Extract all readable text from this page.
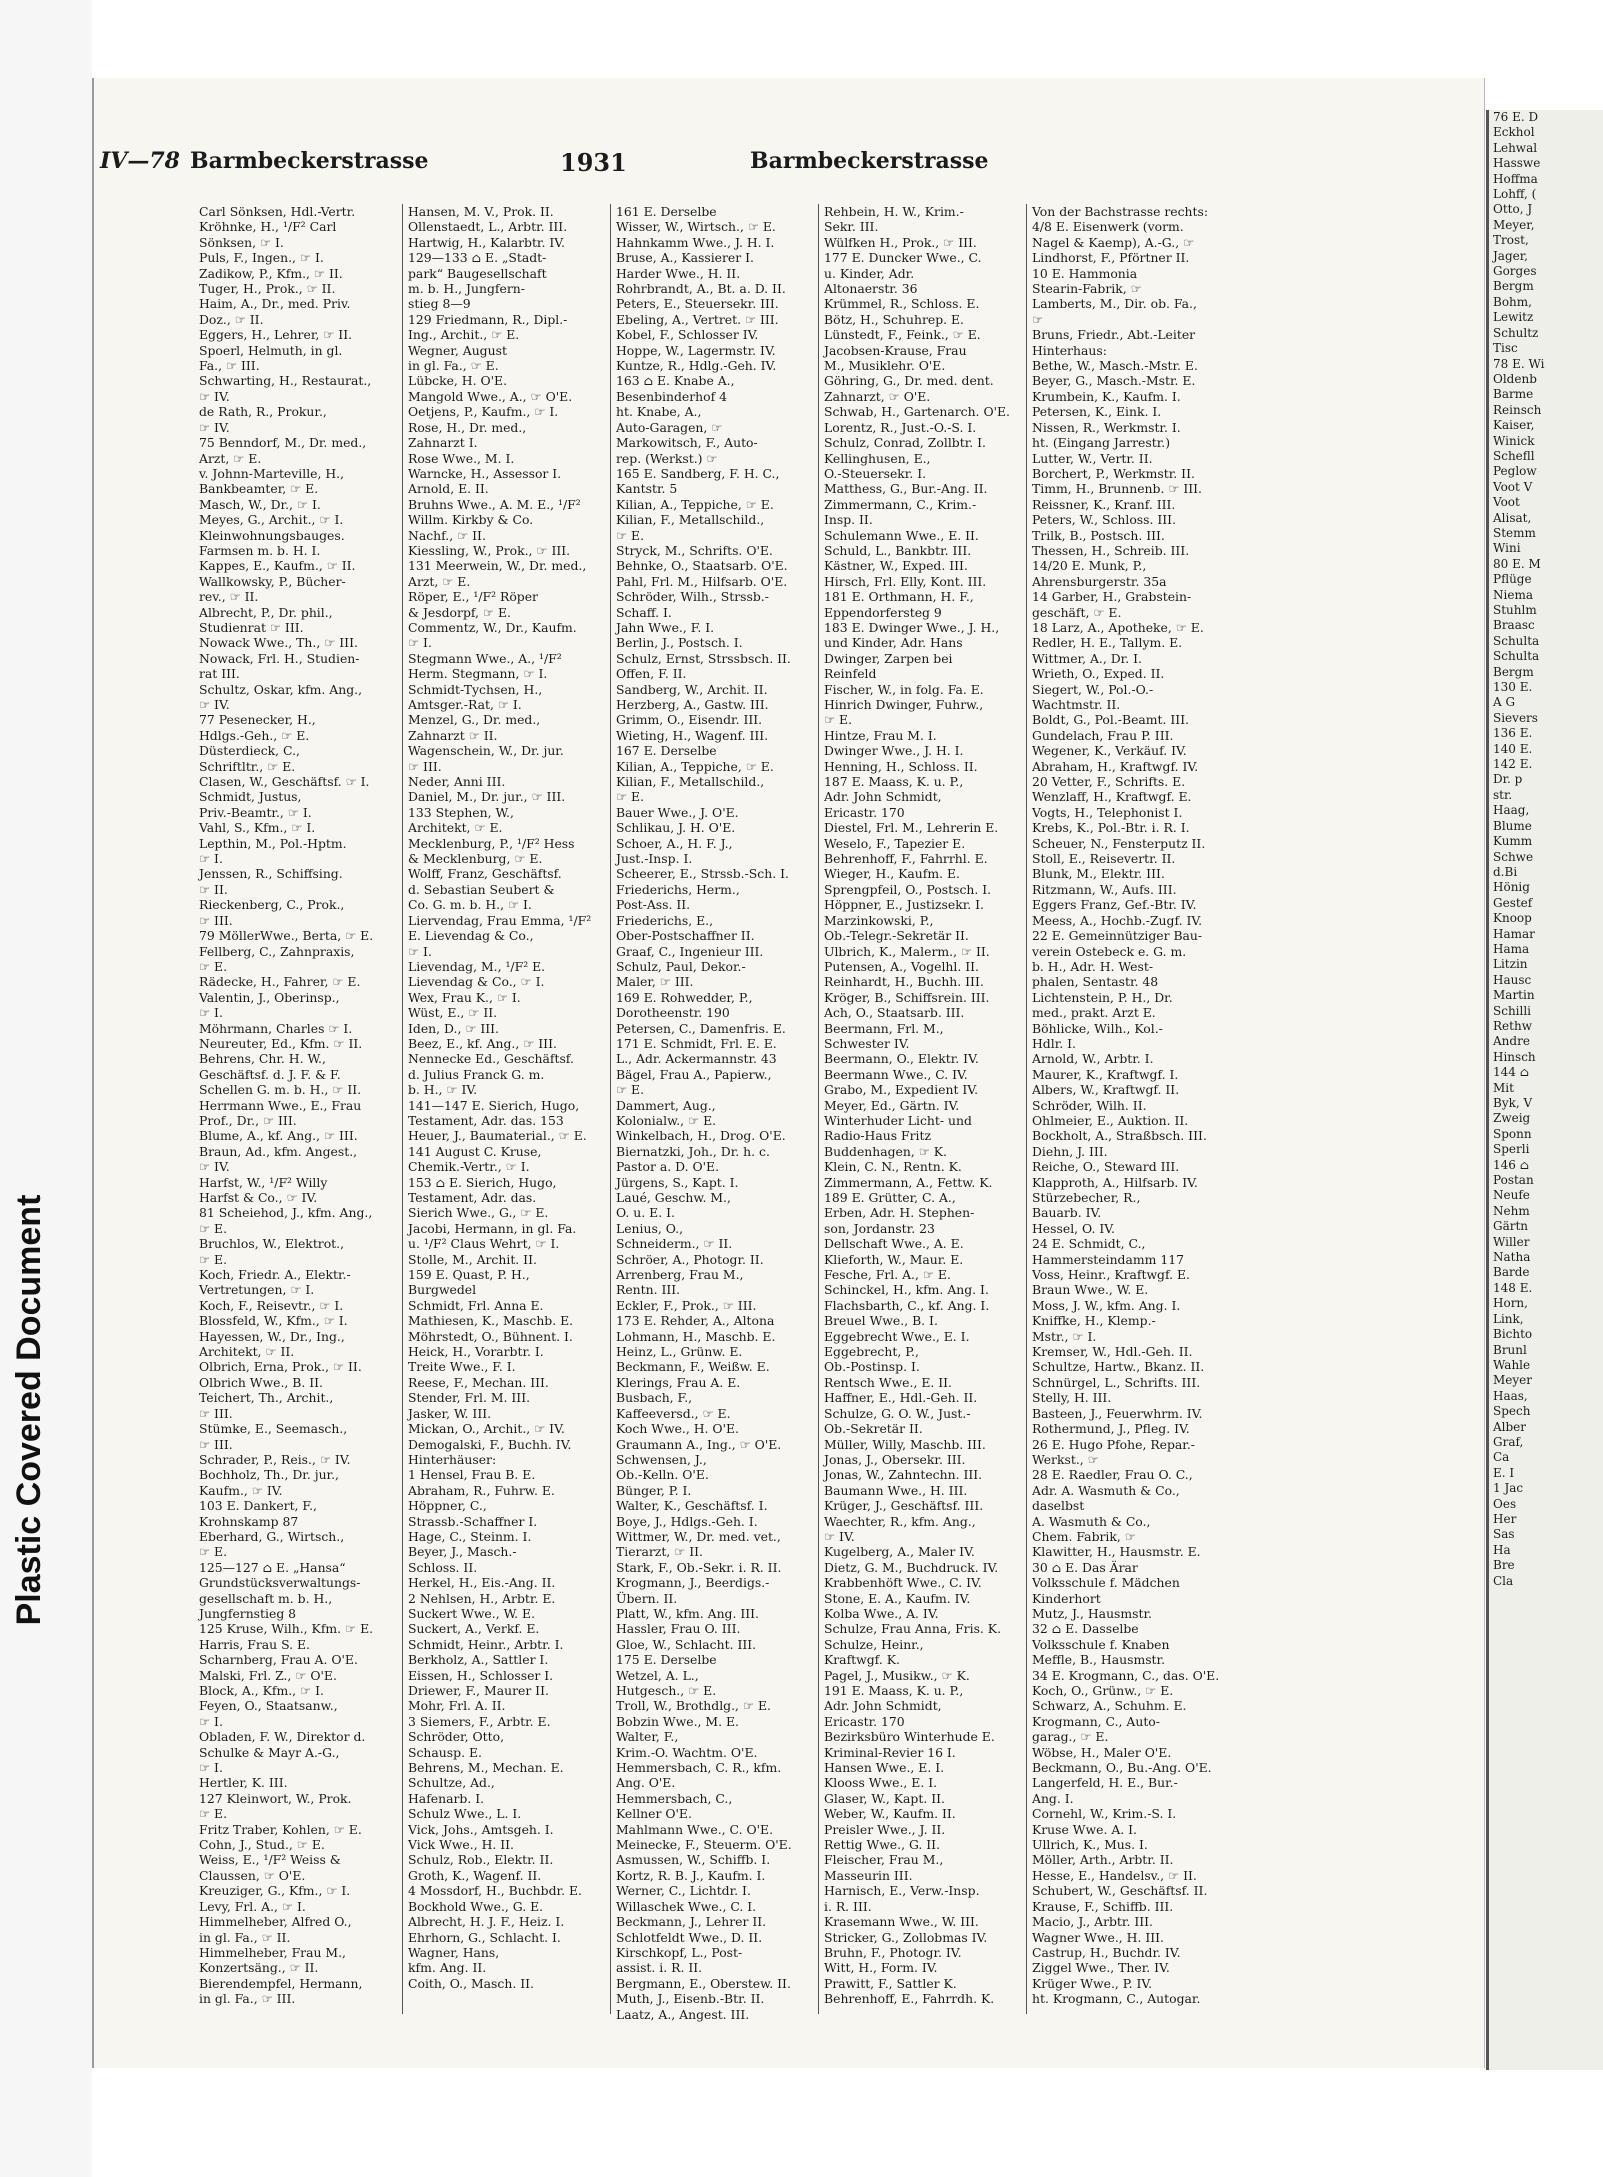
Plastic Covered Document
IV—78 Barmbeckerstrasse	1931	Barmbeckerstrasse
Carl Sönksen, Hdl.-Vertr.
Kröhnke, H., ¹/F² Carl
Sönksen, ☞ I.
Puls, F., Ingen., ☞ I.
Zadikow, P., Kfm., ☞ II.
Tuger, H., Prok., ☞ II.
Haim, A., Dr., med. Priv.
Doz., ☞ II.
Eggers, H., Lehrer, ☞ II.
Spoerl, Helmuth, in gl.
Fa., ☞ III.
Schwarting, H., Restaurat.,
☞ IV.
de Rath, R., Prokur.,
☞ IV.
75 Benndorf, M., Dr. med.,
Arzt, ☞ E.
v. Johnn-Marteville, H.,
Bankbeamter, ☞ E.
Masch, W., Dr., ☞ I.
Meyes, G., Archit., ☞ I.
Kleinwohnungsbauges.
Farmsen m. b. H. I.
Kappes, E., Kaufm., ☞ II.
Wallkowsky, P., Bücher-
rev., ☞ II.
Albrecht, P., Dr. phil.,
Studienrat ☞ III.
Nowack Wwe., Th., ☞ III.
Nowack, Frl. H., Studien-
rat III.
Schultz, Oskar, kfm. Ang.,
☞ IV.
77 Pesenecker, H.,
Hdlgs.-Geh., ☞ E.
Düsterdieck, C.,
Schriftltr., ☞ E.
Clasen, W., Geschäftsf. ☞ I.
Schmidt, Justus,
Priv.-Beamtr., ☞ I.
Vahl, S., Kfm., ☞ I.
Lepthin, M., Pol.-Hptm.
☞ I.
Jenssen, R., Schiffsing.
☞ II.
Rieckenberg, C., Prok.,
☞ III.
79 MöllerWwe., Berta, ☞ E.
Fellberg, C., Zahnpraxis,
☞ E.
Rädecke, H., Fahrer, ☞ E.
Valentin, J., Oberinsp.,
☞ I.
Möhrmann, Charles ☞ I.
Neureuter, Ed., Kfm. ☞ II.
Behrens, Chr. H. W.,
Geschäftsf. d. J. F. & F.
Schellen G. m. b. H., ☞ II.
Herrmann Wwe., E., Frau
Prof., Dr., ☞ III.
Blume, A., kf. Ang., ☞ III.
Braun, Ad., kfm. Angest.,
☞ IV.
Harfst, W., ¹/F² Willy
Harfst & Co., ☞ IV.
81 Scheiehod, J., kfm. Ang.,
☞ E.
Bruchlos, W., Elektrot.,
☞ E.
Koch, Friedr. A., Elektr.-
Vertretungen, ☞ I.
Koch, F., Reisevtr., ☞ I.
Blossfeld, W., Kfm., ☞ I.
Hayessen, W., Dr., Ing.,
Architekt, ☞ II.
Olbrich, Erna, Prok., ☞ II.
Olbrich Wwe., B. II.
Teichert, Th., Archit.,
☞ III.
Stümke, E., Seemasch.,
☞ III.
Schrader, P., Reis., ☞ IV.
Bochholz, Th., Dr. jur.,
Kaufm., ☞ IV.
103 E. Dankert, F.,
Krohnskamp 87
Eberhard, G., Wirtsch.,
☞ E.
125—127 ⌂ E. „Hansa“
Grundstücksverwaltungs-
gesellschaft m. b. H.,
Jungfernstieg 8
125 Kruse, Wilh., Kfm. ☞ E.
Harris, Frau S. E.
Scharnberg, Frau A. O'E.
Malski, Frl. Z., ☞ O'E.
Block, A., Kfm., ☞ I.
Feyen, O., Staatsanw.,
☞ I.
Obladen, F. W., Direktor d.
Schulke & Mayr A.-G.,
☞ I.
Hertler, K. III.
127 Kleinwort, W., Prok.
☞ E.
Fritz Traber, Kohlen, ☞ E.
Cohn, J., Stud., ☞ E.
Weiss, E., ¹/F² Weiss &
Claussen, ☞ O'E.
Kreuziger, G., Kfm., ☞ I.
Levy, Frl. A., ☞ I.
Himmelheber, Alfred O.,
in gl. Fa., ☞ II.
Himmelheber, Frau M.,
Konzertsäng., ☞ II.
Bierendempfel, Hermann,
in gl. Fa., ☞ III.
Hansen, M. V., Prok. II.
Ollenstaedt, L., Arbtr. III.
Hartwig, H., Kalarbtr. IV.
129—133 ⌂ E. „Stadt-
park“ Baugesellschaft
m. b. H., Jungfern-
stieg 8—9
129 Friedmann, R., Dipl.-
Ing., Archit., ☞ E.
Wegner, August
in gl. Fa., ☞ E.
Lübcke, H. O'E.
Mangold Wwe., A., ☞ O'E.
Oetjens, P., Kaufm., ☞ I.
Rose, H., Dr. med.,
Zahnarzt I.
Rose Wwe., M. I.
Warncke, H., Assessor I.
Arnold, E. II.
Bruhns Wwe., A. M. E., ¹/F²
Willm. Kirkby & Co.
Nachf., ☞ II.
Kiessling, W., Prok., ☞ III.
131 Meerwein, W., Dr. med.,
Arzt, ☞ E.
Röper, E., ¹/F² Röper
& Jesdorpf, ☞ E.
Commentz, W., Dr., Kaufm.
☞ I.
Stegmann Wwe., A., ¹/F²
Herm. Stegmann, ☞ I.
Schmidt-Tychsen, H.,
Amtsger.-Rat, ☞ I.
Menzel, G., Dr. med.,
Zahnarzt ☞ II.
Wagenschein, W., Dr. jur.
☞ III.
Neder, Anni III.
Daniel, M., Dr. jur., ☞ III.
133 Stephen, W.,
Architekt, ☞ E.
Mecklenburg, P., ¹/F² Hess
& Mecklenburg, ☞ E.
Wolff, Franz, Geschäftsf.
d. Sebastian Seubert &
Co. G. m. b. H., ☞ I.
Liervendag, Frau Emma, ¹/F²
E. Lievendag & Co.,
☞ I.
Lievendag, M., ¹/F² E.
Lievendag & Co., ☞ I.
Wex, Frau K., ☞ I.
Wüst, E., ☞ II.
Iden, D., ☞ III.
Beez, E., kf. Ang., ☞ III.
Nennecke Ed., Geschäftsf.
d. Julius Franck G. m.
b. H., ☞ IV.
141—147 E. Sierich, Hugo,
Testament, Adr. das. 153
Heuer, J., Baumaterial., ☞ E.
141 August C. Kruse,
Chemik.-Vertr., ☞ I.
153 ⌂ E. Sierich, Hugo,
Testament, Adr. das.
Sierich Wwe., G., ☞ E.
Jacobi, Hermann, in gl. Fa.
u. ¹/F² Claus Wehrt, ☞ I.
Stolle, M., Archit. II.
159 E. Quast, P. H.,
Burgwedel
Schmidt, Frl. Anna E.
Mathiesen, K., Maschb. E.
Möhrstedt, O., Bühnent. I.
Heick, H., Vorarbtr. I.
Treite Wwe., F. I.
Reese, F., Mechan. III.
Stender, Frl. M. III.
Jasker, W. III.
Mickan, O., Archit., ☞ IV.
Demogalski, F., Buchh. IV.
Hinterhäuser:
1 Hensel, Frau B. E.
Abraham, R., Fuhrw. E.
Höppner, C.,
Strassb.-Schaffner I.
Hage, C., Steinm. I.
Beyer, J., Masch.-
Schloss. II.
Herkel, H., Eis.-Ang. II.
2 Nehlsen, H., Arbtr. E.
Suckert Wwe., W. E.
Suckert, A., Verkf. E.
Schmidt, Heinr., Arbtr. I.
Berkholz, A., Sattler I.
Eissen, H., Schlosser I.
Driewer, F., Maurer II.
Mohr, Frl. A. II.
3 Siemers, F., Arbtr. E.
Schröder, Otto,
Schausp. E.
Behrens, M., Mechan. E.
Schultze, Ad.,
Hafenarb. I.
Schulz Wwe., L. I.
Vick, Johs., Amtsgeh. I.
Vick Wwe., H. II.
Schulz, Rob., Elektr. II.
Groth, K., Wagenf. II.
4 Mossdorf, H., Buchbdr. E.
Bockhold Wwe., G. E.
Albrecht, H. J. F., Heiz. I.
Ehrhorn, G., Schlacht. I.
Wagner, Hans,
kfm. Ang. II.
Coith, O., Masch. II.
161 E. Derselbe
Wisser, W., Wirtsch., ☞ E.
Hahnkamm Wwe., J. H. I.
Bruse, A., Kassierer I.
Harder Wwe., H. II.
Rohrbrandt, A., Bt. a. D. II.
Peters, E., Steuersekr. III.
Ebeling, A., Vertret. ☞ III.
Kobel, F., Schlosser IV.
Hoppe, W., Lagermstr. IV.
Kuntze, R., Hdlg.-Geh. IV.
163 ⌂ E. Knabe A.,
Besenbinderhof 4
ht. Knabe, A.,
Auto-Garagen, ☞
Markowitsch, F., Auto-
rep. (Werkst.) ☞
165 E. Sandberg, F. H. C.,
Kantstr. 5
Kilian, A., Teppiche, ☞ E.
Kilian, F., Metallschild.,
☞ E.
Stryck, M., Schrifts. O'E.
Behnke, O., Staatsarb. O'E.
Pahl, Frl. M., Hilfsarb. O'E.
Schröder, Wilh., Strssb.-
Schaff. I.
Jahn Wwe., F. I.
Berlin, J., Postsch. I.
Schulz, Ernst, Strssbsch. II.
Offen, F. II.
Sandberg, W., Archit. II.
Herzberg, A., Gastw. III.
Grimm, O., Eisendr. III.
Wieting, H., Wagenf. III.
167 E. Derselbe
Kilian, A., Teppiche, ☞ E.
Kilian, F., Metallschild.,
☞ E.
Bauer Wwe., J. O'E.
Schlikau, J. H. O'E.
Schoer, A., H. F. J.,
Just.-Insp. I.
Scheerer, E., Strssb.-Sch. I.
Friederichs, Herm.,
Post-Ass. II.
Friederichs, E.,
Ober-Postschaffner II.
Graaf, C., Ingenieur III.
Schulz, Paul, Dekor.-
Maler, ☞ III.
169 E. Rohwedder, P.,
Dorotheenstr. 190
Petersen, C., Damenfris. E.
171 E. Schmidt, Frl. E. E.
L., Adr. Ackermannstr. 43
Bägel, Frau A., Papierw.,
☞ E.
Dammert, Aug.,
Kolonialw., ☞ E.
Winkelbach, H., Drog. O'E.
Biernatzki, Joh., Dr. h. c.
Pastor a. D. O'E.
Jürgens, S., Kapt. I.
Laué, Geschw. M.,
O. u. E. I.
Lenius, O.,
Schneiderm., ☞ II.
Schröer, A., Photogr. II.
Arrenberg, Frau M.,
Rentn. III.
Eckler, F., Prok., ☞ III.
173 E. Rehder, A., Altona
Lohmann, H., Maschb. E.
Heinz, L., Grünw. E.
Beckmann, F., Weißw. E.
Klerings, Frau A. E.
Busbach, F.,
Kaffeeversd., ☞ E.
Koch Wwe., H. O'E.
Graumann A., Ing., ☞ O'E.
Schwensen, J.,
Ob.-Kelln. O'E.
Bünger, P. I.
Walter, K., Geschäftsf. I.
Boye, J., Hdlgs.-Geh. I.
Wittmer, W., Dr. med. vet.,
Tierarzt, ☞ II.
Stark, F., Ob.-Sekr. i. R. II.
Krogmann, J., Beerdigs.-
Übern. II.
Platt, W., kfm. Ang. III.
Hassler, Frau O. III.
Gloe, W., Schlacht. III.
175 E. Derselbe
Wetzel, A. L.,
Hutgesch., ☞ E.
Troll, W., Brothdlg., ☞ E.
Bobzin Wwe., M. E.
Walter, F.,
Krim.-O. Wachtm. O'E.
Hemmersbach, C. R., kfm.
Ang. O'E.
Hemmersbach, C.,
Kellner O'E.
Mahlmann Wwe., C. O'E.
Meinecke, F., Steuerm. O'E.
Asmussen, W., Schiffb. I.
Kortz, R. B. J., Kaufm. I.
Werner, C., Lichtdr. I.
Willaschek Wwe., C. I.
Beckmann, J., Lehrer II.
Schlotfeldt Wwe., D. II.
Kirschkopf, L., Post-
assist. i. R. II.
Bergmann, E., Oberstew. II.
Muth, J., Eisenb.-Btr. II.
Laatz, A., Angest. III.
Rehbein, H. W., Krim.-
Sekr. III.
Wülfken H., Prok., ☞ III.
177 E. Duncker Wwe., C.
u. Kinder, Adr.
Altonaerstr. 36
Krümmel, R., Schloss. E.
Bötz, H., Schuhrep. E.
Lünstedt, F., Feink., ☞ E.
Jacobsen-Krause, Frau
M., Musiklehr. O'E.
Göhring, G., Dr. med. dent.
Zahnarzt, ☞ O'E.
Schwab, H., Gartenarch. O'E.
Lorentz, R., Just.-O.-S. I.
Schulz, Conrad, Zollbtr. I.
Kellinghusen, E.,
O.-Steuersekr. I.
Matthess, G., Bur.-Ang. II.
Zimmermann, C., Krim.-
Insp. II.
Schulemann Wwe., E. II.
Schuld, L., Bankbtr. III.
Kästner, W., Exped. III.
Hirsch, Frl. Elly, Kont. III.
181 E. Orthmann, H. F.,
Eppendorfersteg 9
183 E. Dwinger Wwe., J. H.,
und Kinder, Adr. Hans
Dwinger, Zarpen bei
Reinfeld
Fischer, W., in folg. Fa. E.
Hinrich Dwinger, Fuhrw.,
☞ E.
Hintze, Frau M. I.
Dwinger Wwe., J. H. I.
Henning, H., Schloss. II.
187 E. Maass, K. u. P.,
Adr. John Schmidt,
Ericastr. 170
Diestel, Frl. M., Lehrerin E.
Weselo, F., Tapezier E.
Behrenhoff, F., Fahrrhl. E.
Wieger, H., Kaufm. E.
Sprengpfeil, O., Postsch. I.
Höppner, E., Justizsekr. I.
Marzinkowski, P.,
Ob.-Telegr.-Sekretär II.
Ulbrich, K., Malerm., ☞ II.
Putensen, A., Vogelhl. II.
Reinhardt, H., Buchh. III.
Kröger, B., Schiffsrein. III.
Ach, O., Staatsarb. III.
Beermann, Frl. M.,
Schwester IV.
Beermann, O., Elektr. IV.
Beermann Wwe., C. IV.
Grabo, M., Expedient IV.
Meyer, Ed., Gärtn. IV.
Winterhuder Licht- und
Radio-Haus Fritz
Buddenhagen, ☞ K.
Klein, C. N., Rentn. K.
Zimmermann, A., Fettw. K.
189 E. Grütter, C. A.,
Erben, Adr. H. Stephen-
son, Jordanstr. 23
Dellschaft Wwe., A. E.
Klieforth, W., Maur. E.
Fesche, Frl. A., ☞ E.
Schinckel, H., kfm. Ang. I.
Flachsbarth, C., kf. Ang. I.
Breuel Wwe., B. I.
Eggebrecht Wwe., E. I.
Eggebrecht, P.,
Ob.-Postinsp. I.
Rentsch Wwe., E. II.
Haffner, E., Hdl.-Geh. II.
Schulze, G. O. W., Just.-
Ob.-Sekretär II.
Müller, Willy, Maschb. III.
Jonas, J., Obersekr. III.
Jonas, W., Zahntechn. III.
Baumann Wwe., H. III.
Krüger, J., Geschäftsf. III.
Waechter, R., kfm. Ang.,
☞ IV.
Kugelberg, A., Maler IV.
Dietz, G. M., Buchdruck. IV.
Krabbenhöft Wwe., C. IV.
Stone, E. A., Kaufm. IV.
Kolba Wwe., A. IV.
Schulze, Frau Anna, Fris. K.
Schulze, Heinr.,
Kraftwgf. K.
Pagel, J., Musikw., ☞ K.
191 E. Maass, K. u. P.,
Adr. John Schmidt,
Ericastr. 170
Bezirksbüro Winterhude E.
Kriminal-Revier 16 I.
Hansen Wwe., E. I.
Klooss Wwe., E. I.
Glaser, W., Kapt. II.
Weber, W., Kaufm. II.
Preisler Wwe., J. II.
Rettig Wwe., G. II.
Fleischer, Frau M.,
Masseurin III.
Harnisch, E., Verw.-Insp.
i. R. III.
Krasemann Wwe., W. III.
Stricker, G., Zollobmas IV.
Bruhn, F., Photogr. IV.
Witt, H., Form. IV.
Prawitt, F., Sattler K.
Behrenhoff, E., Fahrrdh. K.
Von der Bachstrasse rechts:
4/8 E. Eisenwerk (vorm.
Nagel & Kaemp), A.-G., ☞
Lindhorst, F., Pförtner II.
10 E. Hammonia
Stearin-Fabrik, ☞
Lamberts, M., Dir. ob. Fa.,
☞
Bruns, Friedr., Abt.-Leiter
Hinterhaus:
Bethe, W., Masch.-Mstr. E.
Beyer, G., Masch.-Mstr. E.
Krumbein, K., Kaufm. I.
Petersen, K., Eink. I.
Nissen, R., Werkmstr. I.
ht. (Eingang Jarrestr.)
Lutter, W., Vertr. II.
Borchert, P., Werkmstr. II.
Timm, H., Brunnenb. ☞ III.
Reissner, K., Kranf. III.
Peters, W., Schloss. III.
Trilk, B., Postsch. III.
Thessen, H., Schreib. III.
14/20 E. Munk, P.,
Ahrensburgerstr. 35a
14 Garber, H., Grabstein-
geschäft, ☞ E.
18 Larz, A., Apotheke, ☞ E.
Redler, H. E., Tallym. E.
Wittmer, A., Dr. I.
Wrieth, O., Exped. II.
Siegert, W., Pol.-O.-
Wachtmstr. II.
Boldt, G., Pol.-Beamt. III.
Gundelach, Frau P. III.
Wegener, K., Verkäuf. IV.
Abraham, H., Kraftwgf. IV.
20 Vetter, F., Schrifts. E.
Wenzlaff, H., Kraftwgf. E.
Vogts, H., Telephonist I.
Krebs, K., Pol.-Btr. i. R. I.
Scheuer, N., Fensterputz II.
Stoll, E., Reisevertr. II.
Blunk, M., Elektr. III.
Ritzmann, W., Aufs. III.
Eggers Franz, Gef.-Btr. IV.
Meess, A., Hochb.-Zugf. IV.
22 E. Gemeinnütziger Bau-
verein Ostebeck e. G. m.
b. H., Adr. H. West-
phalen, Sentastr. 48
Lichtenstein, P. H., Dr.
med., prakt. Arzt E.
Böhlicke, Wilh., Kol.-
Hdlr. I.
Arnold, W., Arbtr. I.
Maurer, K., Kraftwgf. I.
Albers, W., Kraftwgf. II.
Schröder, Wilh. II.
Ohlmeier, E., Auktion. II.
Bockholt, A., Straßbsch. III.
Diehn, J. III.
Reiche, O., Steward III.
Klapproth, A., Hilfsarb. IV.
Stürzebecher, R.,
Bauarb. IV.
Hessel, O. IV.
24 E. Schmidt, C.,
Hammersteindamm 117
Voss, Heinr., Kraftwgf. E.
Braun Wwe., W. E.
Moss, J. W., kfm. Ang. I.
Kniffke, H., Klemp.-
Mstr., ☞ I.
Kremser, W., Hdl.-Geh. II.
Schultze, Hartw., Bkanz. II.
Schnürgel, L., Schrifts. III.
Stelly, H. III.
Basteen, J., Feuerwhrm. IV.
Rothermund, J., Pfleg. IV.
26 E. Hugo Pfohe, Repar.-
Werkst., ☞
28 E. Raedler, Frau O. C.,
Adr. A. Wasmuth & Co.,
daselbst
A. Wasmuth & Co.,
Chem. Fabrik, ☞
Klawitter, H., Hausmstr. E.
30 ⌂ E. Das Ärar
Volksschule f. Mädchen
Kinderhort
Mutz, J., Hausmstr.
32 ⌂ E. Dasselbe
Volksschule f. Knaben
Meffle, B., Hausmstr.
34 E. Krogmann, C., das. O'E.
Koch, O., Grünw., ☞ E.
Schwarz, A., Schuhm. E.
Krogmann, C., Auto-
garag., ☞ E.
Wöbse, H., Maler O'E.
Beckmann, O., Bu.-Ang. O'E.
Langerfeld, H. E., Bur.-
Ang. I.
Cornehl, W., Krim.-S. I.
Kruse Wwe. A. I.
Ullrich, K., Mus. I.
Möller, Arth., Arbtr. II.
Hesse, E., Handelsv., ☞ II.
Schubert, W., Geschäftsf. II.
Krause, F., Schiffb. III.
Macio, J., Arbtr. III.
Wagner Wwe., H. III.
Castrup, H., Buchdr. IV.
Ziggel Wwe., Ther. IV.
Krüger Wwe., P. IV.
ht. Krogmann, C., Autogar.
76 E. D
Eckhol
Lehwal
Hasswe
Hoffma
Lohff, (
Otto, J
Meyer,
Trost,
Jager,
Gorges
Bergm
Bohm,
Lewitz
Schultz
Tisc
78 E. Wi
Oldenb
Barme
Reinsch
Kaiser,
Winick
Schefll
Peglow
Voot V
Voot
Alisat,
Stemm
Wini
80 E. M
Pflüge
Niema
Stuhlm
Braasc
Schulta
Schulta
Bergm
130 E.
A G
Sievers
136 E.
140 E.
142 E.
Dr. p
str.
Haag,
Blume
Kumm
Schwe
d.Bi
Hönig
Gestef
Knoop
Hamar
Hama
Litzin
Hausc
Martin
Schilli
Rethw
Andre
Hinsch
144 ⌂
Mit
Byk, V
Zweig
Sponn
Sperli
146 ⌂
Postan
Neufe
Nehm
Gärtn
Willer
Natha
Barde
148 E.
Horn,
Link,
Bichto
Brunl
Wahle
Meyer
Haas,
Spech
Alber
Graf,
Ca
E. I
1 Jac
Oes
Her
Sas
Ha
Bre
Cla
